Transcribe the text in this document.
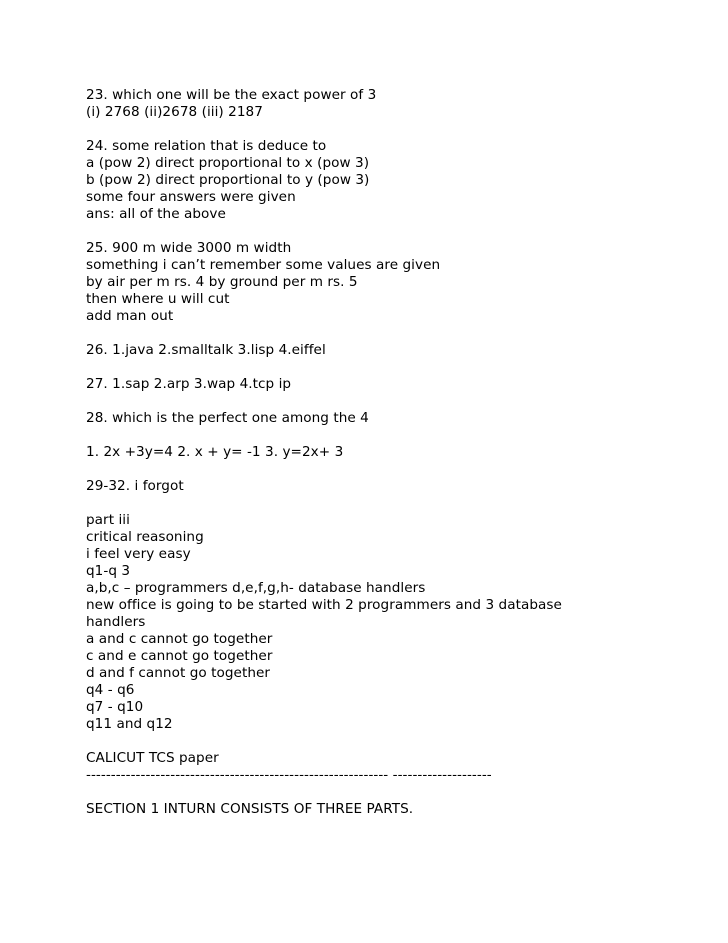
23. which one will be the exact power of 3
(i) 2768 (ii)2678 (iii) 2187
24. some relation that is deduce to
a (pow 2) direct proportional to x (pow 3)
b (pow 2) direct proportional to y (pow 3)
some four answers were given
ans: all of the above
25. 900 m wide 3000 m width
something i can’t remember some values are given
by air per m rs. 4 by ground per m rs. 5
then where u will cut
add man out
26. 1.java 2.smalltalk 3.lisp 4.eiffel
27. 1.sap 2.arp 3.wap 4.tcp ip
28. which is the perfect one among the 4
1. 2x +3y=4 2. x + y= -1 3. y=2x+ 3
29-32. i forgot
part iii
critical reasoning
i feel very easy
q1-q 3
a,b,c – programmers d,e,f,g,h- database handlers
new office is going to be started with 2 programmers and 3 database
handlers
a and c cannot go together
c and e cannot go together
d and f cannot go together
q4 - q6
q7 - q10
q11 and q12
CALICUT TCS paper
------------------------------------------------------------- --------------------
SECTION 1 INTURN CONSISTS OF THREE PARTS.
